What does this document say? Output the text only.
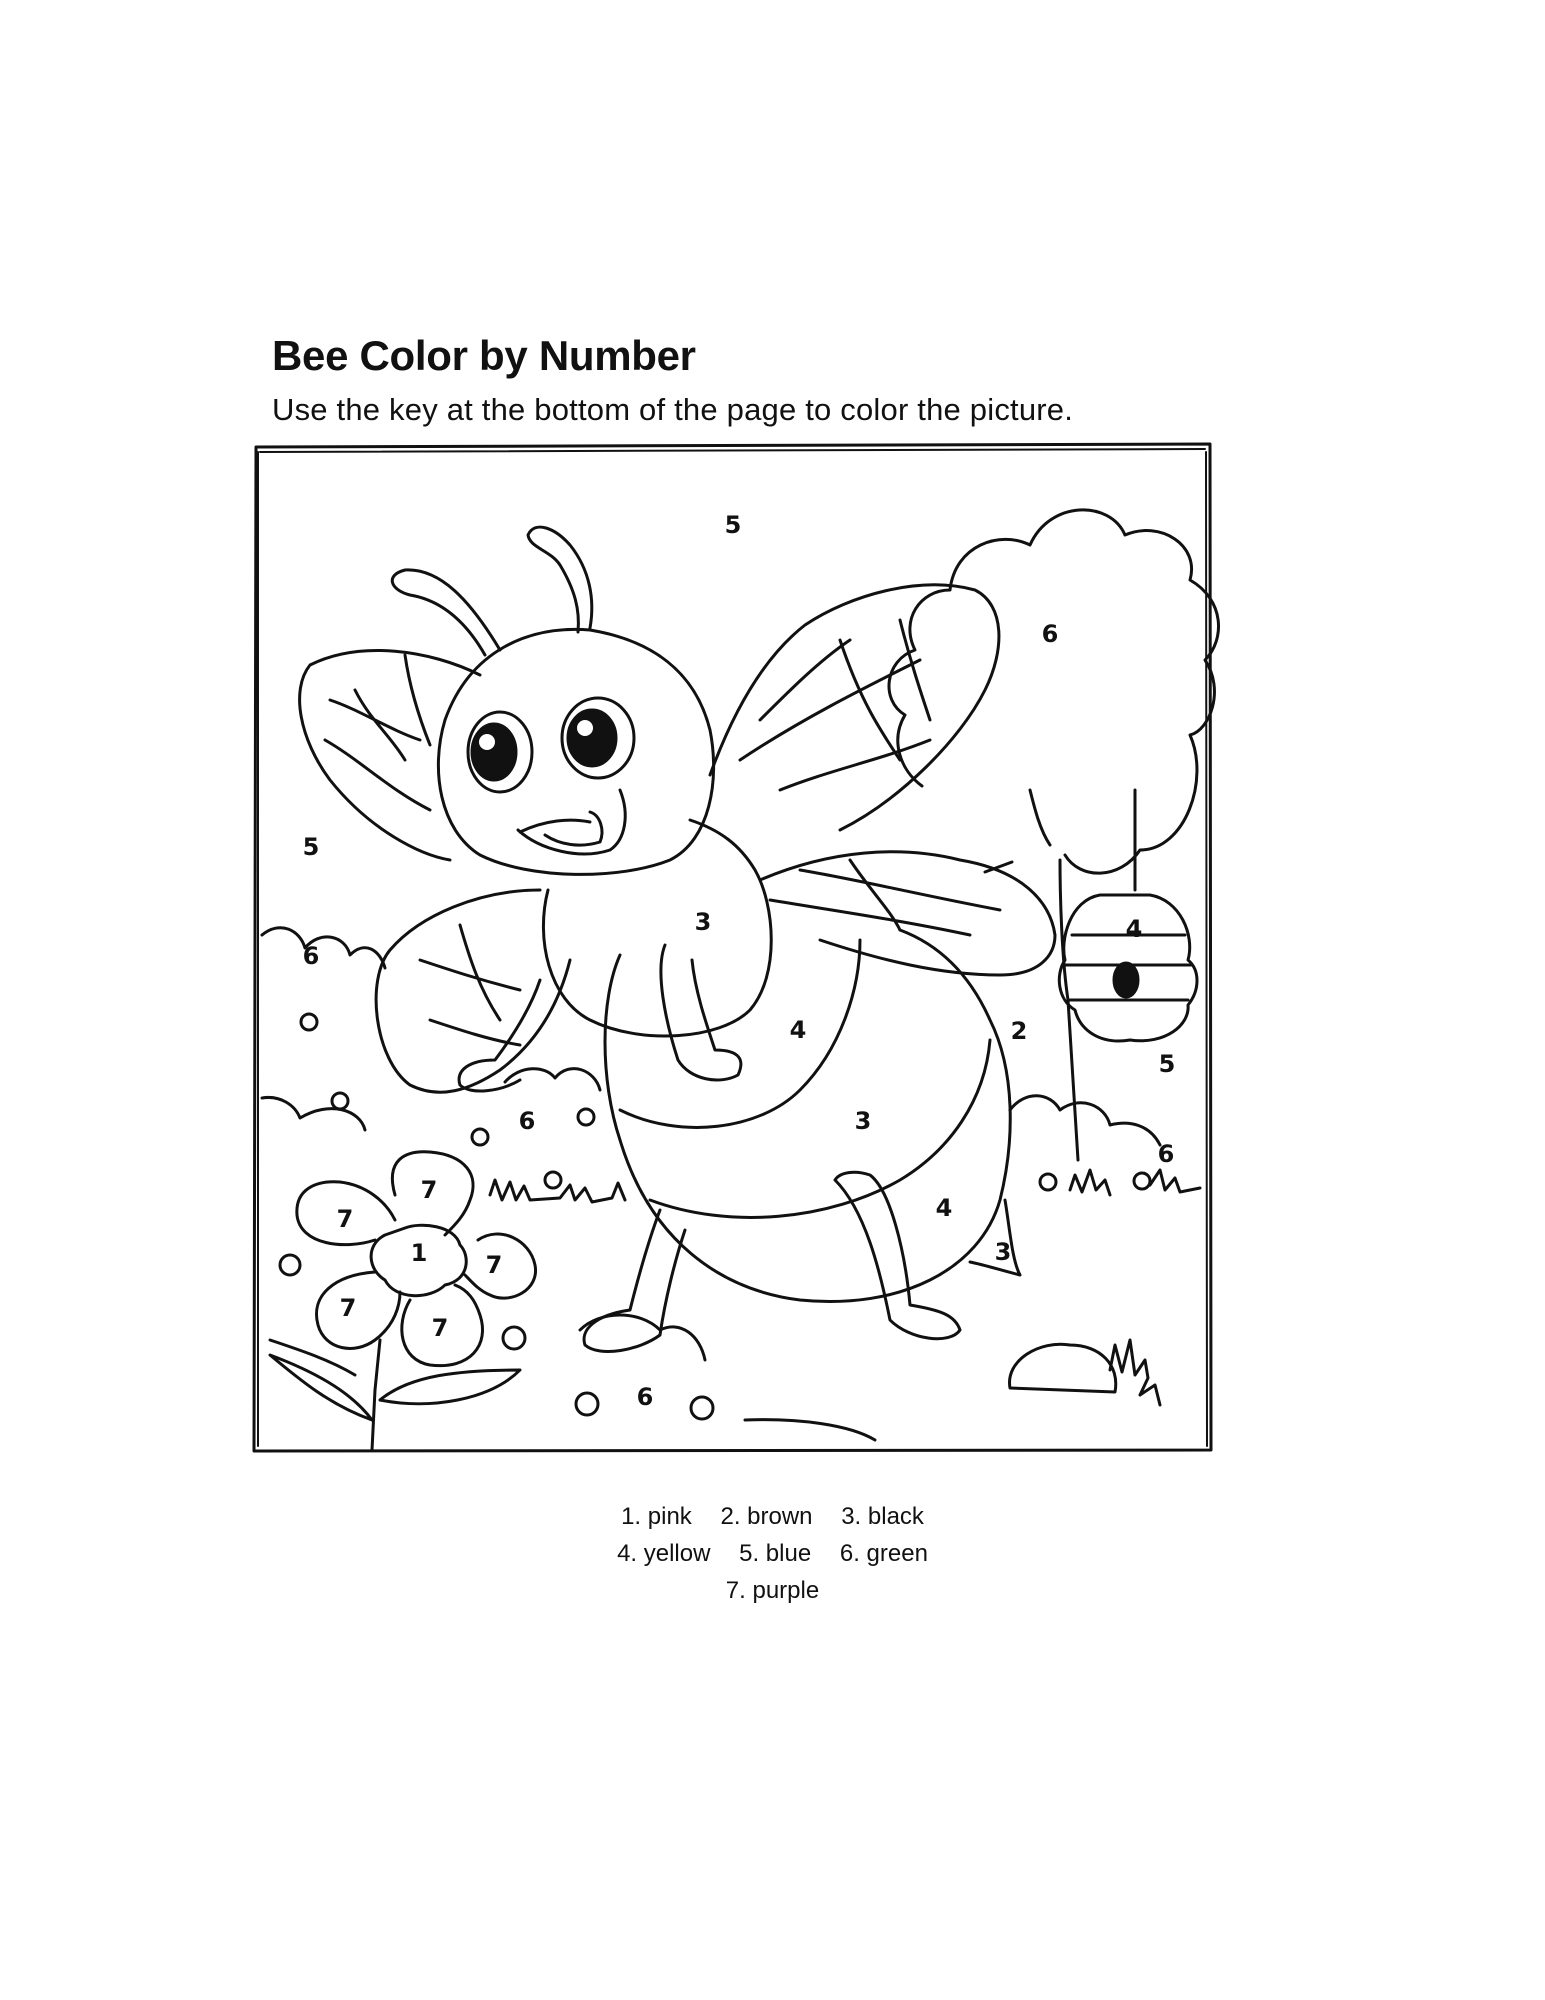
Bee Color by Number

Use the key at the bottom of the page to color the picture.

5
6
5
6
3
4	2
4
5
3
6
6
4
3
7
7
1 7
7
7
6
1. pink 2. brown 3. black
4. yellow 5. blue 6. green
7. purple
